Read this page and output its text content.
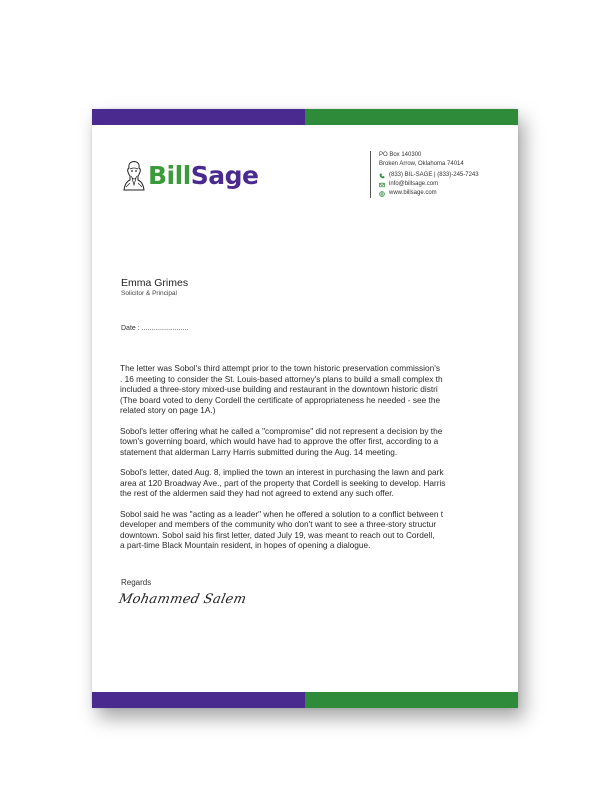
BillSage
PO Box 140300
Broken Arrow, Oklahoma 74014
(833) BIL-SAGE | (833)-245-7243
info@billsage.com
www.billsage.com
Emma Grimes
Solicitor & Principal
Date : ........................

The letter was Sobol's third attempt prior to the town historic preservation commission's
. 16 meeting to consider the St. Louis-based attorney's plans to build a small complex th
included a three-story mixed-use building and restaurant in the downtown historic distri
(The board voted to deny Cordell the certificate of appropriateness he needed - see the
related story on page 1A.)

Sobol's letter offering what he called a "compromise" did not represent a decision by the
town's governing board, which would have had to approve the offer first, according to a
statement that alderman Larry Harris submitted during the Aug. 14 meeting.

Sobol's letter, dated Aug. 8, implied the town an interest in purchasing the lawn and park
area at 120 Broadway Ave., part of the property that Cordell is seeking to develop. Harris
the rest of the aldermen said they had not agreed to extend any such offer.

Sobol said he was "acting as a leader" when he offered a solution to a conflict between t
developer and members of the community who don't want to see a three-story structur
downtown. Sobol said his first letter, dated July 19, was meant to reach out to Cordell,
a part-time Black Mountain resident, in hopes of opening a dialogue.

Regards
Mohammed Salem
